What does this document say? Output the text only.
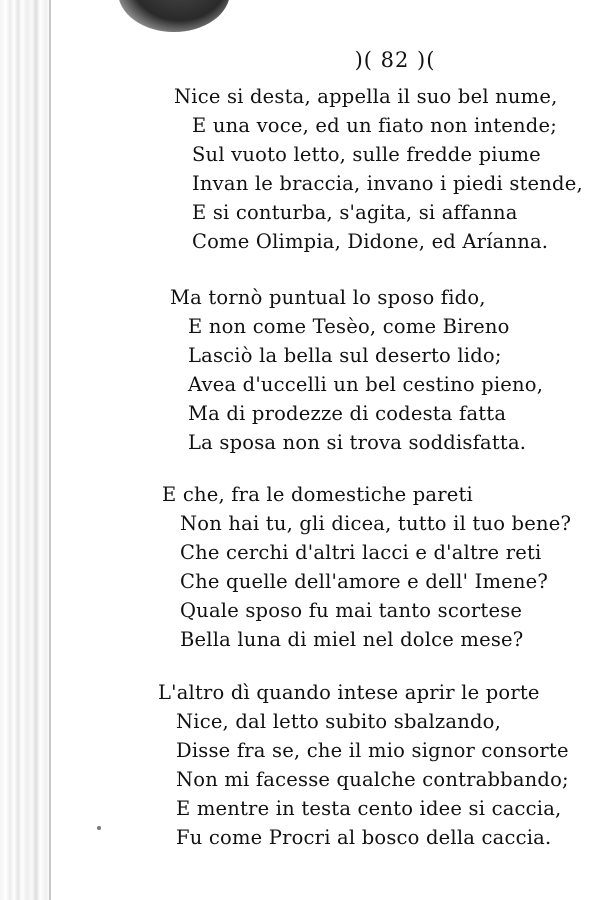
)( 82 )(
Nice si desta, appella il suo bel nume,
E una voce, ed un fiato non intende;
Sul vuoto letto, sulle fredde piume
Invan le braccia, invano i piedi stende,
E si conturba, s'agita, si affanna
Come Olimpia, Didone, ed Aríanna.
Ma tornò puntual lo sposo fido,
E non come Tesèo, come Bireno
Lasciò la bella sul deserto lido;
Avea d'uccelli un bel cestino pieno,
Ma di prodezze di codesta fatta
La sposa non si trova soddisfatta.
E che, fra le domestiche pareti
Non hai tu, gli dicea, tutto il tuo bene?
Che cerchi d'altri lacci e d'altre reti
Che quelle dell'amore e dell' Imene?
Quale sposo fu mai tanto scortese
Bella luna di miel nel dolce mese?
L'altro dì quando intese aprir le porte
Nice, dal letto subito sbalzando,
Disse fra se, che il mio signor consorte
Non mi facesse qualche contrabbando;
E mentre in testa cento idee si caccia,
Fu come Procri al bosco della caccia.
